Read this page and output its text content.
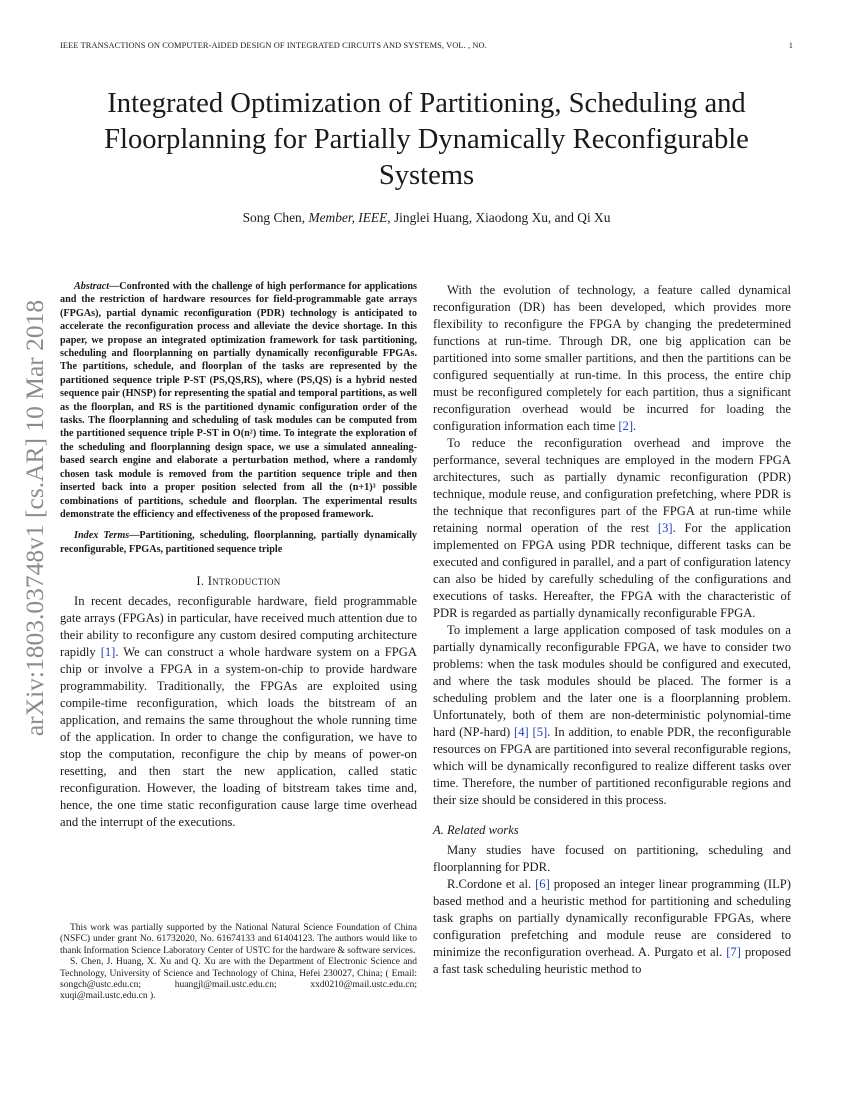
IEEE TRANSACTIONS ON COMPUTER-AIDED DESIGN OF INTEGRATED CIRCUITS AND SYSTEMS, VOL. , NO.	1
arXiv:1803.03748v1 [cs.AR] 10 Mar 2018
Integrated Optimization of Partitioning, Scheduling and Floorplanning for Partially Dynamically Reconfigurable Systems
Song Chen, Member, IEEE, Jinglei Huang, Xiaodong Xu, and Qi Xu

Abstract—Confronted with the challenge of high performance for applications and the restriction of hardware resources for field-programmable gate arrays (FPGAs), partial dynamic reconfiguration (PDR) technology is anticipated to accelerate the reconfiguration process and alleviate the device shortage. In this paper, we propose an integrated optimization framework for task partitioning, scheduling and floorplanning on partially dynamically reconfigurable FPGAs. The partitions, schedule, and floorplan of the tasks are represented by the partitioned sequence triple P-ST (PS,QS,RS), where (PS,QS) is a hybrid nested sequence pair (HNSP) for representing the spatial and temporal partitions, as well as the floorplan, and RS is the partitioned dynamic configuration order of the tasks. The floorplanning and scheduling of task modules can be computed from the partitioned sequence triple P-ST in O(n²) time. To integrate the exploration of the scheduling and floorplanning design space, we use a simulated annealing-based search engine and elaborate a perturbation method, where a randomly chosen task module is removed from the partition sequence triple and then inserted back into a proper position selected from all the (n+1)³ possible combinations of partitions, schedule and floorplan. The experimental results demonstrate the efficiency and effectiveness of the proposed framework.

Index Terms—Partitioning, scheduling, floorplanning, partially dynamically reconfigurable, FPGAs, partitioned sequence triple

I. Introduction

In recent decades, reconfigurable hardware, field programmable gate arrays (FPGAs) in particular, have received much attention due to their ability to reconfigure any custom desired computing architecture rapidly [1]. We can construct a whole hardware system on a FPGA chip or involve a FPGA in a system-on-chip to provide hardware programmability. Traditionally, the FPGAs are exploited using compile-time reconfiguration, which loads the bitstream of an application, and remains the same throughout the whole running time of the application. In order to change the configuration, we have to stop the computation, reconfigure the chip by means of power-on resetting, and then start the new application, called static reconfiguration. However, the loading of bitstream takes time and, hence, the one time static reconfiguration cause large time overhead and the interrupt of the executions.

This work was partially supported by the National Natural Science Foundation of China (NSFC) under grant No. 61732020, No. 61674133 and 61404123. The authors would like to thank Information Science Laboratory Center of USTC for the hardware & software services.

S. Chen, J. Huang, X. Xu and Q. Xu are with the Department of Electronic Science and Technology, University of Science and Technology of China, Hefei 230027, China; ( Email: songch@ustc.edu.cn; huangjl@mail.ustc.edu.cn; xxd0210@mail.ustc.edu.cn; xuqi@mail.ustc.edu.cn ).

With the evolution of technology, a feature called dynamical reconfiguration (DR) has been developed, which provides more flexibility to reconfigure the FPGA by changing the predetermined functions at run-time. Through DR, one big application can be partitioned into some smaller partitions, and then the partitions can be configured sequentially at run-time. In this process, the entire chip must be reconfigured completely for each partition, thus a significant reconfiguration overhead would be incurred for loading the configuration information each time [2].

To reduce the reconfiguration overhead and improve the performance, several techniques are employed in the modern FPGA architectures, such as partially dynamic reconfiguration (PDR) technique, module reuse, and configuration prefetching, where PDR is the technique that reconfigures part of the FPGA at run-time while retaining normal operation of the rest [3]. For the application implemented on FPGA using PDR technique, different tasks can be executed and configured in parallel, and a part of configuration latency can also be hided by carefully scheduling of the configurations and executions of tasks. Hereafter, the FPGA with the characteristic of PDR is regarded as partially dynamically reconfigurable FPGA.

To implement a large application composed of task modules on a partially dynamically reconfigurable FPGA, we have to consider two problems: when the task modules should be configured and executed, and where the task modules should be placed. The former is a scheduling problem and the later one is a floorplanning problem. Unfortunately, both of them are non-deterministic polynomial-time hard (NP-hard) [4] [5]. In addition, to enable PDR, the reconfigurable resources on FPGA are partitioned into several reconfigurable regions, which will be dynamically reconfigured to realize different tasks over time. Therefore, the number of partitioned reconfigurable regions and their size should be considered in this process.

A. Related works

Many studies have focused on partitioning, scheduling and floorplanning for PDR.

R.Cordone et al. [6] proposed an integer linear programming (ILP) based method and a heuristic method for partitioning and scheduling task graphs on partially dynamically reconfigurable FPGAs, where configuration prefetching and module reuse are considered to minimize the reconfiguration overhead. A. Purgato et al. [7] proposed a fast task scheduling heuristic method to
